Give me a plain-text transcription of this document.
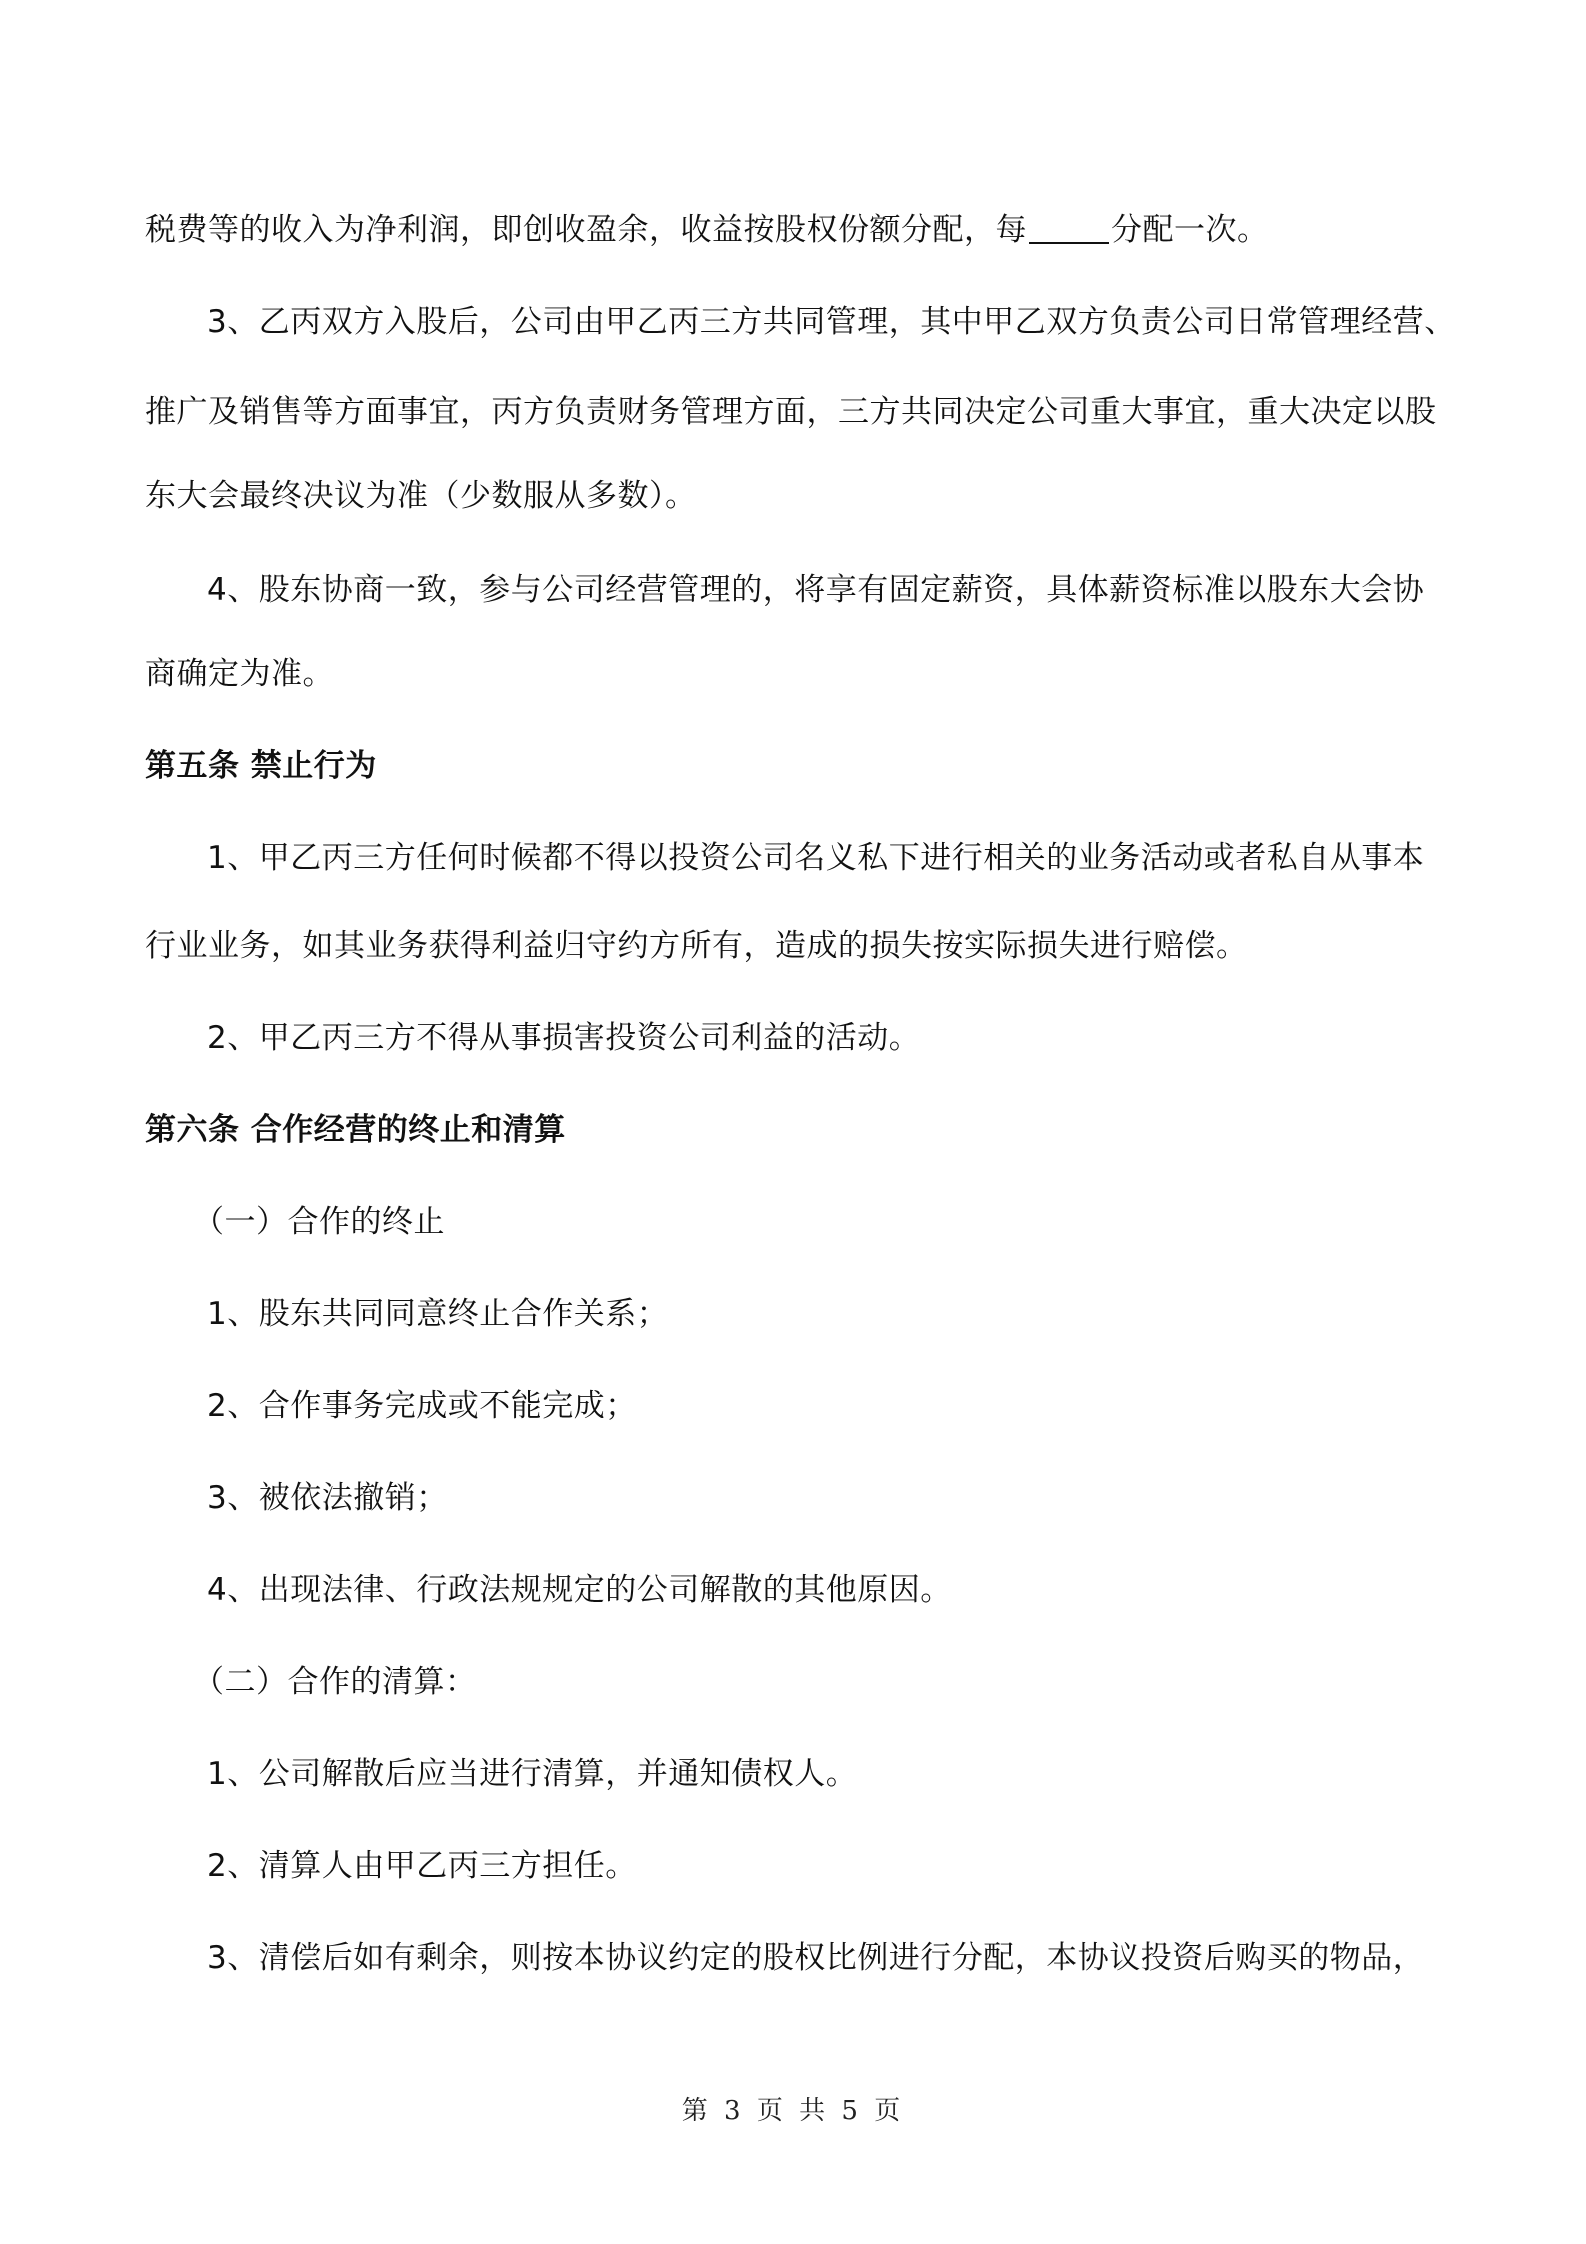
税费等的收入为净利润，即创收盈余，收益按股权份额分配，每	分配一次。
3、乙丙双方入股后，公司由甲乙丙三方共同管理，其中甲乙双方负责公司日常管理经营、
推广及销售等方面事宜，丙方负责财务管理方面，三方共同决定公司重大事宜，重大决定以股
东大会最终决议为准（少数服从多数）。
4、股东协商一致，参与公司经营管理的，将享有固定薪资，具体薪资标准以股东大会协
商确定为准。
第五条 禁止行为
1、甲乙丙三方任何时候都不得以投资公司名义私下进行相关的业务活动或者私自从事本
行业业务，如其业务获得利益归守约方所有，造成的损失按实际损失进行赔偿。
2、甲乙丙三方不得从事损害投资公司利益的活动。
第六条 合作经营的终止和清算
（一）合作的终止
1、股东共同同意终止合作关系；
2、合作事务完成或不能完成；
3、被依法撤销；
4、出现法律、行政法规规定的公司解散的其他原因。
（二）合作的清算：
1、公司解散后应当进行清算，并通知债权人。
2、清算人由甲乙丙三方担任。
3、清偿后如有剩余，则按本协议约定的股权比例进行分配，本协议投资后购买的物品，
第 3 页 共 5 页
